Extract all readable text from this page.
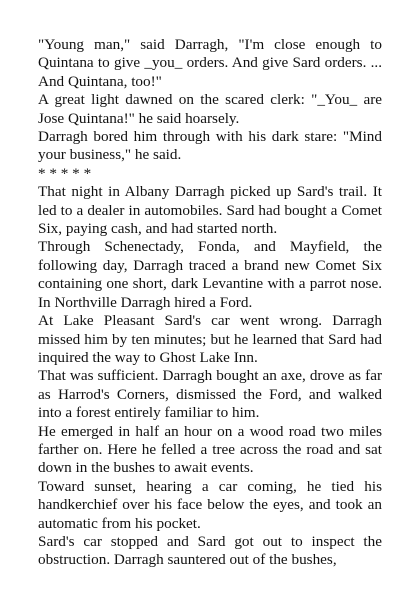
"Young man," said Darragh, "I'm close enough to Quintana to give _you_ orders. And give Sard orders. ... And Quintana, too!"

A great light dawned on the scared clerk: "_You_ are Jose Quintana!" he said hoarsely.

Darragh bored him through with his dark stare: "Mind your business," he said.

* * * * *

That night in Albany Darragh picked up Sard's trail. It led to a dealer in automobiles. Sard had bought a Comet Six, paying cash, and had started north.

Through Schenectady, Fonda, and Mayfield, the following day, Darragh traced a brand new Comet Six containing one short, dark Levantine with a parrot nose. In Northville Darragh hired a Ford.

At Lake Pleasant Sard's car went wrong. Darragh missed him by ten minutes; but he learned that Sard had inquired the way to Ghost Lake Inn.

That was sufficient. Darragh bought an axe, drove as far as Harrod's Corners, dismissed the Ford, and walked into a forest entirely familiar to him.

He emerged in half an hour on a wood road two miles farther on. Here he felled a tree across the road and sat down in the bushes to await events.

Toward sunset, hearing a car coming, he tied his handkerchief over his face below the eyes, and took an automatic from his pocket.

Sard's car stopped and Sard got out to inspect the obstruction. Darragh sauntered out of the bushes,
